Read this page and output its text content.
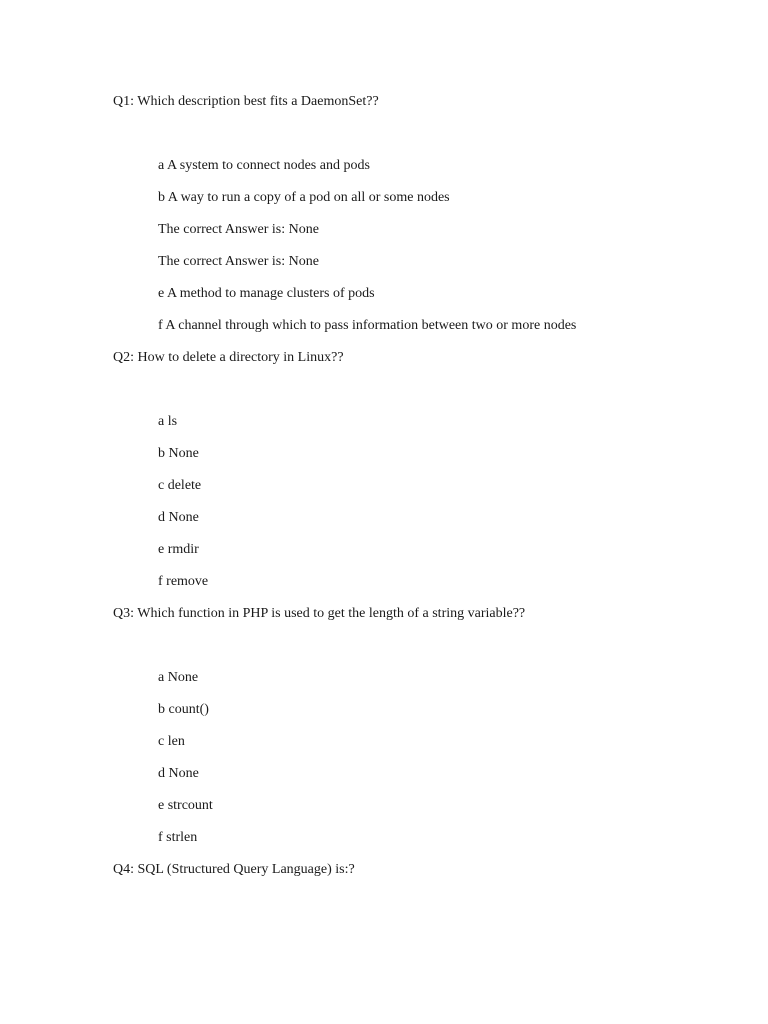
Q1: Which description best fits a DaemonSet??
a A system to connect nodes and pods
b A way to run a copy of a pod on all or some nodes
The correct Answer is: None
The correct Answer is: None
e A method to manage clusters of pods
f A channel through which to pass information between two or more nodes
Q2: How to delete a directory in Linux??
a ls
b None
c delete
d None
e rmdir
f remove
Q3: Which function in PHP is used to get the length of a string variable??
a None
b count()
c len
d None
e strcount
f strlen
Q4: SQL (Structured Query Language) is:?
